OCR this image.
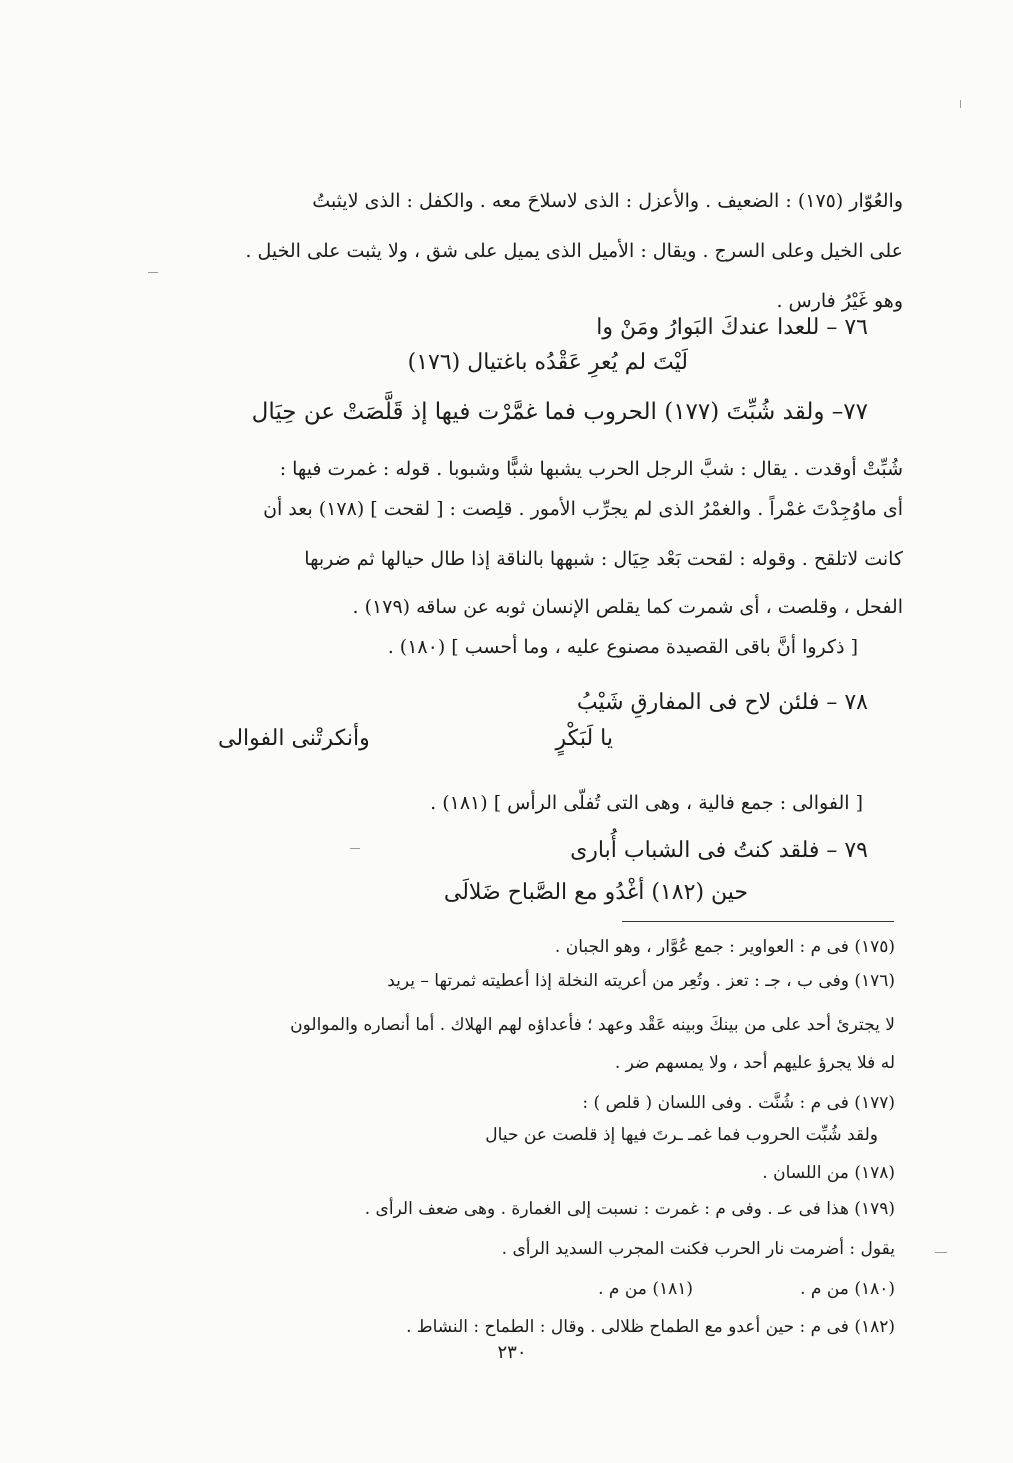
والعُوّار (١٧٥) : الضعيف . والأعزل : الذى لاسلاحَ معه . والكفل : الذى لايثبتُ
على الخيل وعلى السرج . ويقال : الأميل الذى يميل على شق ، ولا يثبت على الخيل .
وهو غَيْرُ فارس .
٧٦ – للعدا عندكَ البَوارُ ومَنْ وا
لَيْتَ لم يُعرِ عَقْدُه باغتيال (١٧٦)
٧٧– ولقد شُبِّتَ (١٧٧) الحروب فما غمَّرْت فيها إذ قَلَّصَتْ عن حِيَال
شُبِّتْ أوقدت . يقال : شبَّ الرجل الحرب يشبها شبًّا وشبوبا . قوله : غمرت فيها :
أى ماوُجِدْتَ غمْراً . والغمْرُ الذى لم يجرِّب الأمور . قلِصت : [ لقحت ] (١٧٨) بعد أن
كانت لاتلقح . وقوله : لقحت بَعْد حِيَال : شبهها بالناقة إذا طال حيالها ثم ضربها
الفحل ، وقلصت ، أى شمرت كما يقلص الإنسان ثوبه عن ساقه (١٧٩) .
[ ذكروا أنَّ باقى القصيدة مصنوع عليه ، وما أحسب ] (١٨٠) .
٧٨ – فلئن لاح فى المفارقِ شَيْبُ
يا لَبَكْرٍ
وأنكرتْنى الفوالى
[ الفوالى : جمع فالية ، وهى التى تُفلّى الرأس ] (١٨١) .
٧٩ – فلقد كنتُ فى الشباب أُبارى
حين (١٨٢) أغْدُو مع الصَّباح ضَلالَى
(١٧٥) فى م : العواوير : جمع عُوَّار ، وهو الجبان .
(١٧٦) وفى ب ، جـ : تعز . وتُعِر من أعريته النخلة إذا أعطيته ثمرتها – يريد
لا يجترئ أحد على من بينكَ وبينه عَقْد وعهد ؛ فأعداؤه لهم الهلاك . أما أنصاره والموالون
له فلا يجرؤ عليهم أحد ، ولا يمسهم ضر .
(١٧٧) فى م : شُنَّت . وفى اللسان ( قلص ) :
ولقد شُبِّت الحروب فما غمـ ـرتَ فيها إذ قلصت عن حيال
(١٧٨) من اللسان .
(١٧٩) هذا فى عـ . وفى م : غمرت : نسبت إلى الغمارة . وهى ضعف الرأى .
يقول : أضرمت نار الحرب فكنت المجرب السديد الرأى .
(١٨٠) من م .
(١٨١) من م .
(١٨٢) فى م : حين أعدو مع الطماح ظلالى . وقال : الطماح : النشاط .
٢٣٠
